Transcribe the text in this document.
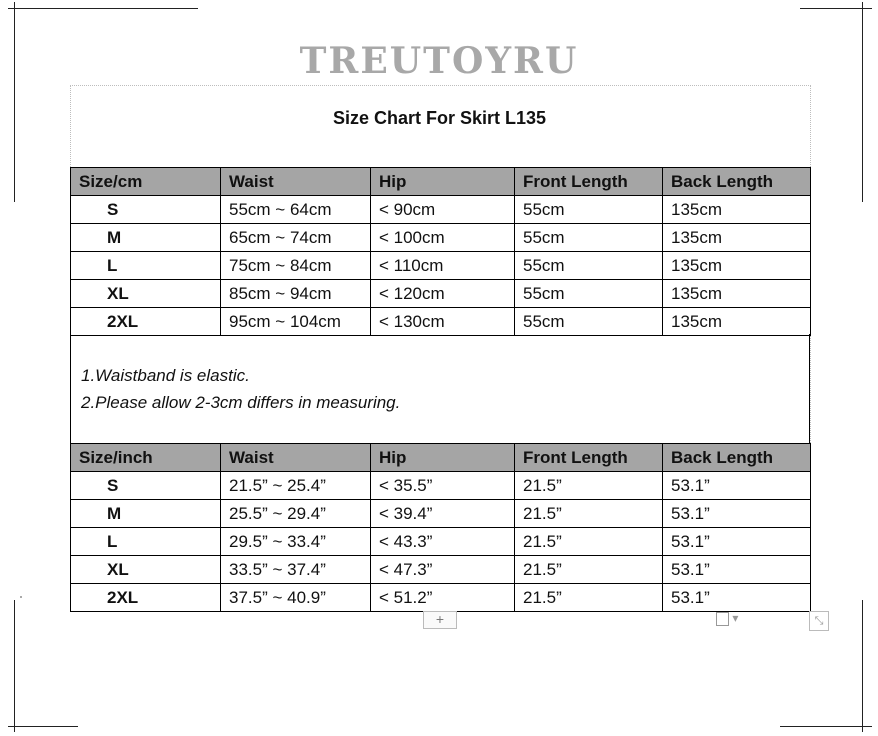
TREUTOYRU
Size Chart For Skirt L135
Size/cm	Waist	Hip	Front Length	Back Length
S	55cm ~ 64cm	< 90cm	55cm	135cm
M	65cm ~ 74cm	< 100cm	55cm	135cm
L	75cm ~ 84cm	< 110cm	55cm	135cm
XL	85cm ~ 94cm	< 120cm	55cm	135cm
2XL	95cm ~ 104cm	< 130cm	55cm	135cm

1.Waistband is elastic.

2.Please allow 2-3cm differs in measuring.

Size/inch	Waist	Hip	Front Length	Back Length
S	21.5” ~ 25.4”	< 35.5”	21.5”	53.1”
M	25.5” ~ 29.4”	< 39.4”	21.5”	53.1”
L	29.5” ~ 33.4”	< 43.3”	21.5”	53.1”
XL	33.5” ~ 37.4”	< 47.3”	21.5”	53.1”
2XL	37.5” ~ 40.9”	< 51.2”	21.5”	53.1”
+	▾	⤡
